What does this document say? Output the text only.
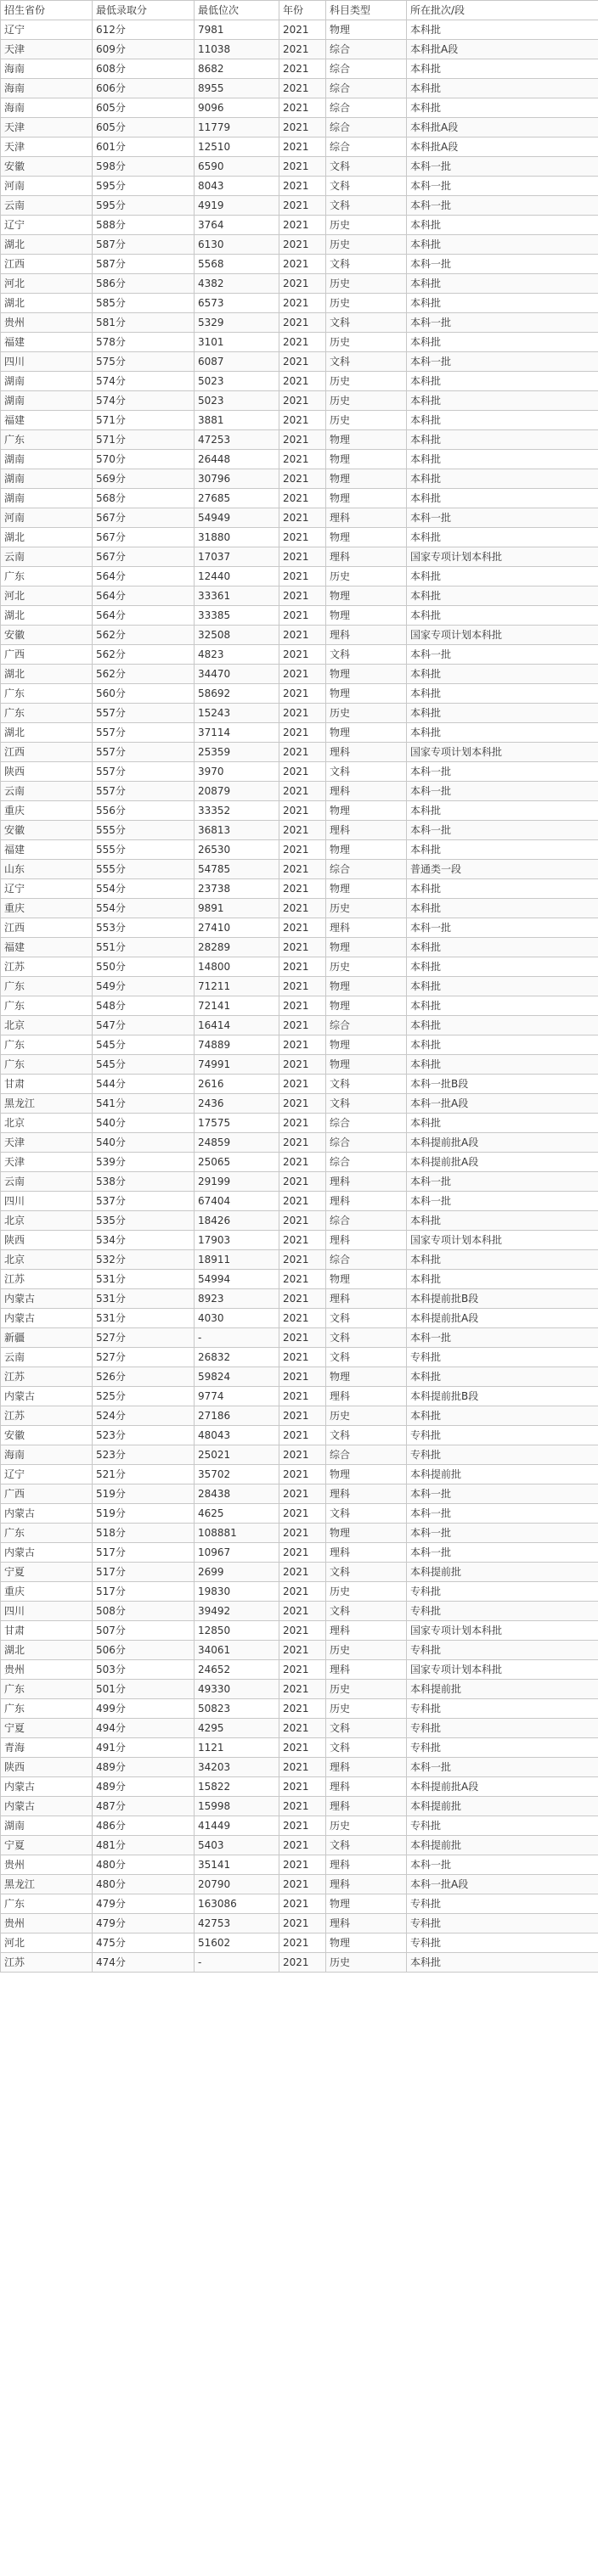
招生省份	最低录取分	最低位次	年份	科目类型	所在批次/段
辽宁	612分	7981	2021	物理	本科批
天津	609分	11038	2021	综合	本科批A段
海南	608分	8682	2021	综合	本科批
海南	606分	8955	2021	综合	本科批
海南	605分	9096	2021	综合	本科批
天津	605分	11779	2021	综合	本科批A段
天津	601分	12510	2021	综合	本科批A段
安徽	598分	6590	2021	文科	本科一批
河南	595分	8043	2021	文科	本科一批
云南	595分	4919	2021	文科	本科一批
辽宁	588分	3764	2021	历史	本科批
湖北	587分	6130	2021	历史	本科批
江西	587分	5568	2021	文科	本科一批
河北	586分	4382	2021	历史	本科批
湖北	585分	6573	2021	历史	本科批
贵州	581分	5329	2021	文科	本科一批
福建	578分	3101	2021	历史	本科批
四川	575分	6087	2021	文科	本科一批
湖南	574分	5023	2021	历史	本科批
湖南	574分	5023	2021	历史	本科批
福建	571分	3881	2021	历史	本科批
广东	571分	47253	2021	物理	本科批
湖南	570分	26448	2021	物理	本科批
湖南	569分	30796	2021	物理	本科批
湖南	568分	27685	2021	物理	本科批
河南	567分	54949	2021	理科	本科一批
湖北	567分	31880	2021	物理	本科批
云南	567分	17037	2021	理科	国家专项计划本科批
广东	564分	12440	2021	历史	本科批
河北	564分	33361	2021	物理	本科批
湖北	564分	33385	2021	物理	本科批
安徽	562分	32508	2021	理科	国家专项计划本科批
广西	562分	4823	2021	文科	本科一批
湖北	562分	34470	2021	物理	本科批
广东	560分	58692	2021	物理	本科批
广东	557分	15243	2021	历史	本科批
湖北	557分	37114	2021	物理	本科批
江西	557分	25359	2021	理科	国家专项计划本科批
陕西	557分	3970	2021	文科	本科一批
云南	557分	20879	2021	理科	本科一批
重庆	556分	33352	2021	物理	本科批
安徽	555分	36813	2021	理科	本科一批
福建	555分	26530	2021	物理	本科批
山东	555分	54785	2021	综合	普通类一段
辽宁	554分	23738	2021	物理	本科批
重庆	554分	9891	2021	历史	本科批
江西	553分	27410	2021	理科	本科一批
福建	551分	28289	2021	物理	本科批
江苏	550分	14800	2021	历史	本科批
广东	549分	71211	2021	物理	本科批
广东	548分	72141	2021	物理	本科批
北京	547分	16414	2021	综合	本科批
广东	545分	74889	2021	物理	本科批
广东	545分	74991	2021	物理	本科批
甘肃	544分	2616	2021	文科	本科一批B段
黑龙江	541分	2436	2021	文科	本科一批A段
北京	540分	17575	2021	综合	本科批
天津	540分	24859	2021	综合	本科提前批A段
天津	539分	25065	2021	综合	本科提前批A段
云南	538分	29199	2021	理科	本科一批
四川	537分	67404	2021	理科	本科一批
北京	535分	18426	2021	综合	本科批
陕西	534分	17903	2021	理科	国家专项计划本科批
北京	532分	18911	2021	综合	本科批
江苏	531分	54994	2021	物理	本科批
内蒙古	531分	8923	2021	理科	本科提前批B段
内蒙古	531分	4030	2021	文科	本科提前批A段
新疆	527分	-	2021	文科	本科一批
云南	527分	26832	2021	文科	专科批
江苏	526分	59824	2021	物理	本科批
内蒙古	525分	9774	2021	理科	本科提前批B段
江苏	524分	27186	2021	历史	本科批
安徽	523分	48043	2021	文科	专科批
海南	523分	25021	2021	综合	专科批
辽宁	521分	35702	2021	物理	本科提前批
广西	519分	28438	2021	理科	本科一批
内蒙古	519分	4625	2021	文科	本科一批
广东	518分	108881	2021	物理	本科一批
内蒙古	517分	10967	2021	理科	本科一批
宁夏	517分	2699	2021	文科	本科提前批
重庆	517分	19830	2021	历史	专科批
四川	508分	39492	2021	文科	专科批
甘肃	507分	12850	2021	理科	国家专项计划本科批
湖北	506分	34061	2021	历史	专科批
贵州	503分	24652	2021	理科	国家专项计划本科批
广东	501分	49330	2021	历史	本科提前批
广东	499分	50823	2021	历史	专科批
宁夏	494分	4295	2021	文科	专科批
青海	491分	1121	2021	文科	专科批
陕西	489分	34203	2021	理科	本科一批
内蒙古	489分	15822	2021	理科	本科提前批A段
内蒙古	487分	15998	2021	理科	本科提前批
湖南	486分	41449	2021	历史	专科批
宁夏	481分	5403	2021	文科	本科提前批
贵州	480分	35141	2021	理科	本科一批
黑龙江	480分	20790	2021	理科	本科一批A段
广东	479分	163086	2021	物理	专科批
贵州	479分	42753	2021	理科	专科批
河北	475分	51602	2021	物理	专科批
江苏	474分	-	2021	历史	本科批
